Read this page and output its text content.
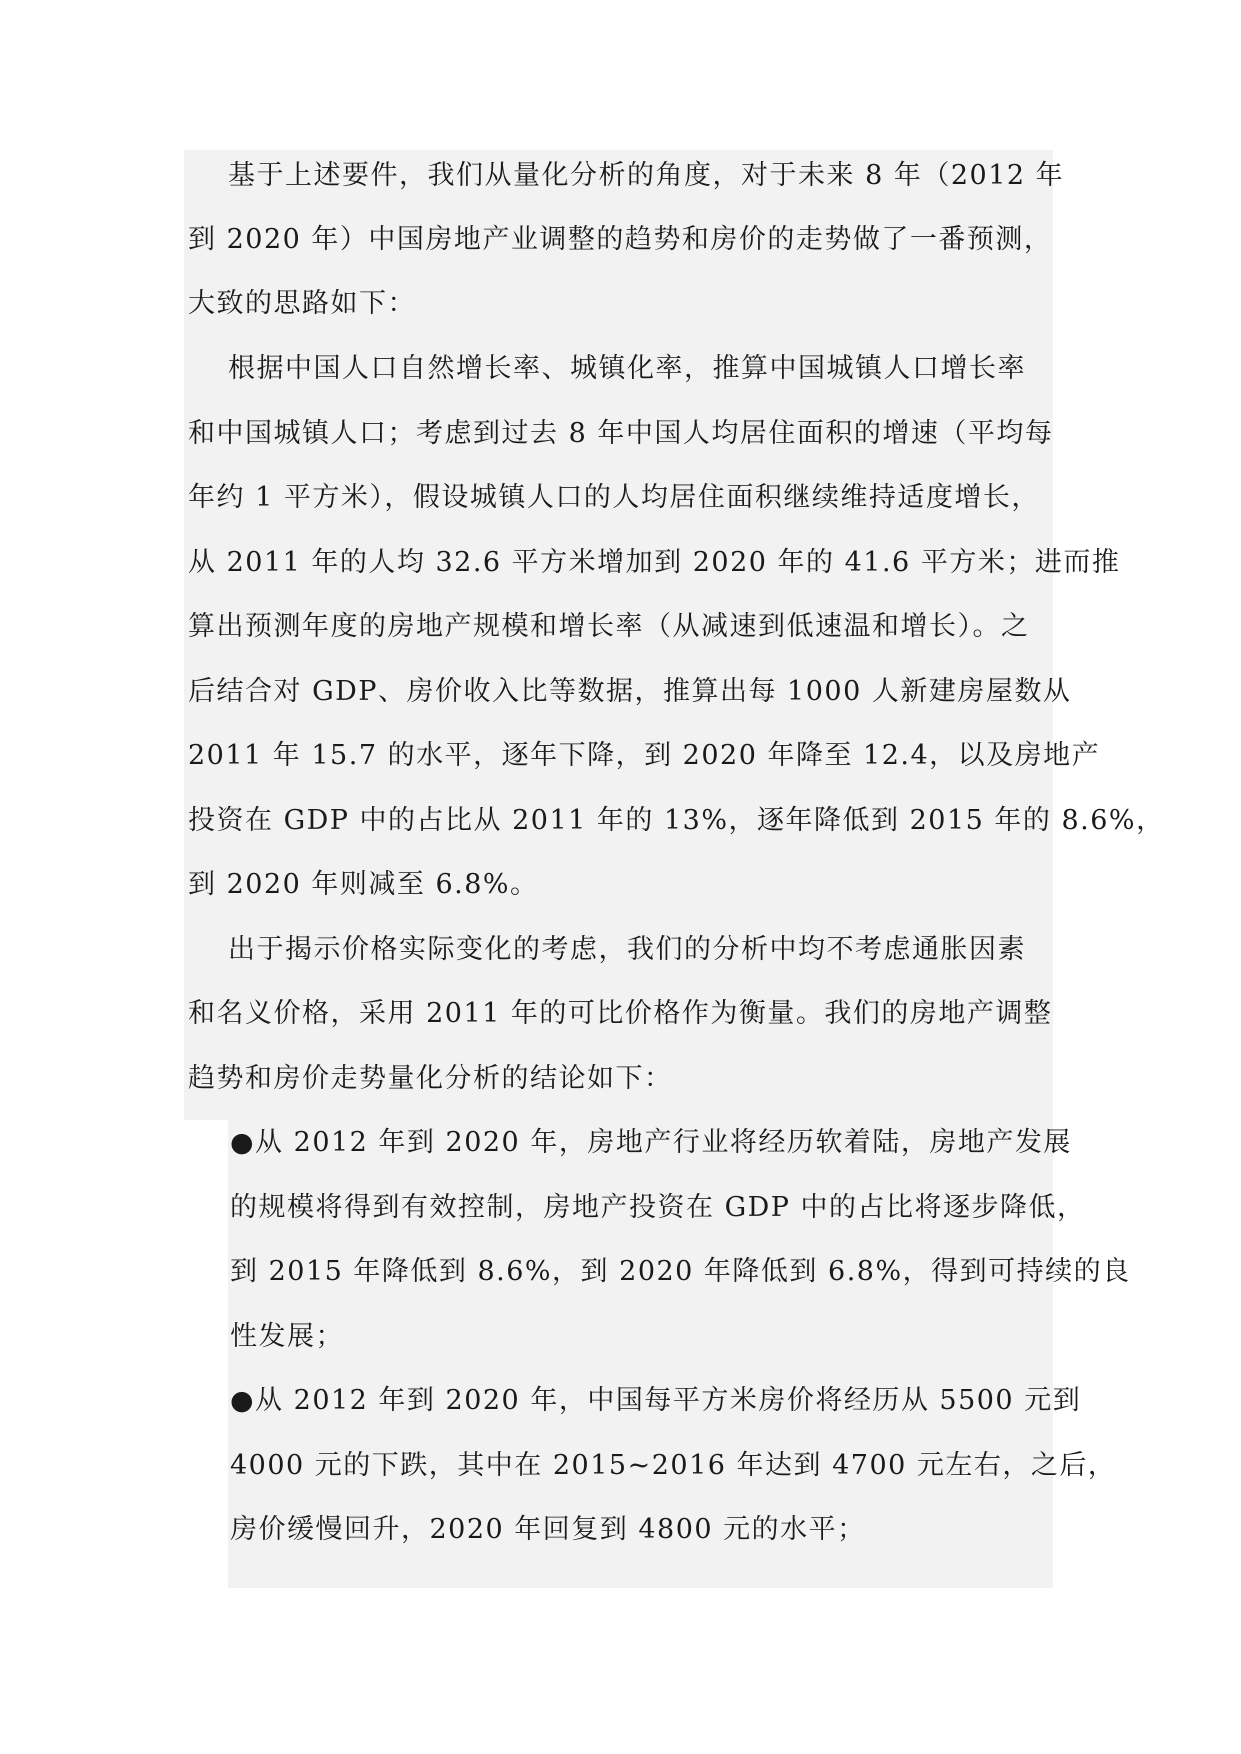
基于上述要件，我们从量化分析的角度，对于未来 8 年（2012 年
到 2020 年）中国房地产业调整的趋势和房价的走势做了一番预测，
大致的思路如下：
根据中国人口自然增长率、城镇化率，推算中国城镇人口增长率
和中国城镇人口；考虑到过去 8 年中国人均居住面积的增速（平均每
年约 1 平方米），假设城镇人口的人均居住面积继续维持适度增长，
从 2011 年的人均 32.6 平方米增加到 2020 年的 41.6 平方米；进而推
算出预测年度的房地产规模和增长率（从减速到低速温和增长）。之
后结合对 GDP、房价收入比等数据，推算出每 1000 人新建房屋数从
2011 年 15.7 的水平，逐年下降，到 2020 年降至 12.4，以及房地产
投资在 GDP 中的占比从 2011 年的 13%，逐年降低到 2015 年的 8.6%，
到 2020 年则减至 6.8%。
出于揭示价格实际变化的考虑，我们的分析中均不考虑通胀因素
和名义价格，采用 2011 年的可比价格作为衡量。我们的房地产调整
趋势和房价走势量化分析的结论如下：
●从 2012 年到 2020 年，房地产行业将经历软着陆，房地产发展
的规模将得到有效控制，房地产投资在 GDP 中的占比将逐步降低，
到 2015 年降低到 8.6%，到 2020 年降低到 6.8%，得到可持续的良
性发展；
●从 2012 年到 2020 年，中国每平方米房价将经历从 5500 元到
4000 元的下跌，其中在 2015~2016 年达到 4700 元左右，之后，
房价缓慢回升，2020 年回复到 4800 元的水平；
